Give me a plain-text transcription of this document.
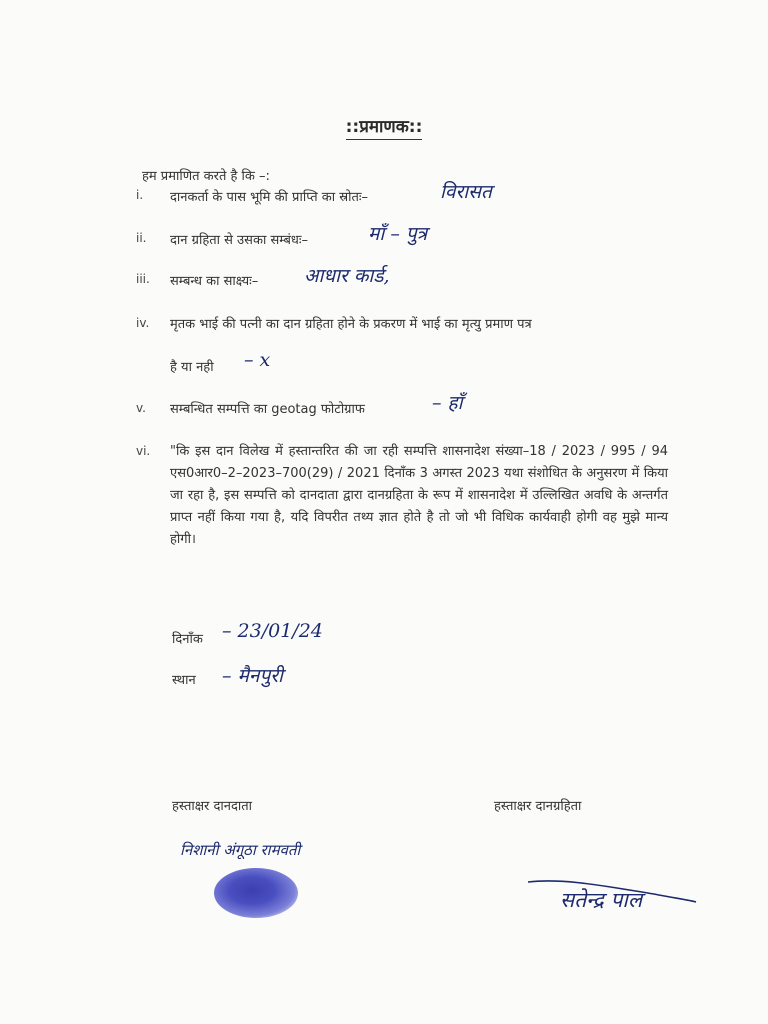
::प्रमाणक::
हम प्रमाणित करते है कि –:
i. दानकर्ता के पास भूमि की प्राप्ति का स्रोतः–	विरासत
ii. दान ग्रहिता से उसका सम्बंधः–	माँ – पुत्र
iii. सम्बन्ध का साक्ष्यः– आधार कार्ड,
iv. मृतक भाई की पत्नी का दान ग्रहिता होने के प्रकरण में भाई का मृत्यु प्रमाण पत्र
है या नही – x
v. सम्बन्धित सम्पत्ति का geotag फोटोग्राफ	– हाँ
vi. "कि इस दान विलेख में हस्तान्तरित की जा रही सम्पत्ति शासनादेश संख्या–18 / 2023 / 995 / 94 एस0आर0–2–2023–700(29) / 2021 दिनाँक 3 अगस्त 2023 यथा संशोधित के अनुसरण में किया जा रहा है, इस सम्पत्ति को दानदाता द्वारा दानग्रहिता के रूप में शासनादेश में उल्लिखित अवधि के अन्तर्गत प्राप्त नहीं किया गया है, यदि विपरीत तथ्य ज्ञात होते है तो जो भी विधिक कार्यवाही होगी वह मुझे मान्य होगी।
दिनाँक – 23/01/24
स्थान – मैनपुरी
हस्ताक्षर दानदाता	हस्ताक्षर दानग्रहिता
निशानी अंगूठा रामवती
सतेन्द्र पाल
